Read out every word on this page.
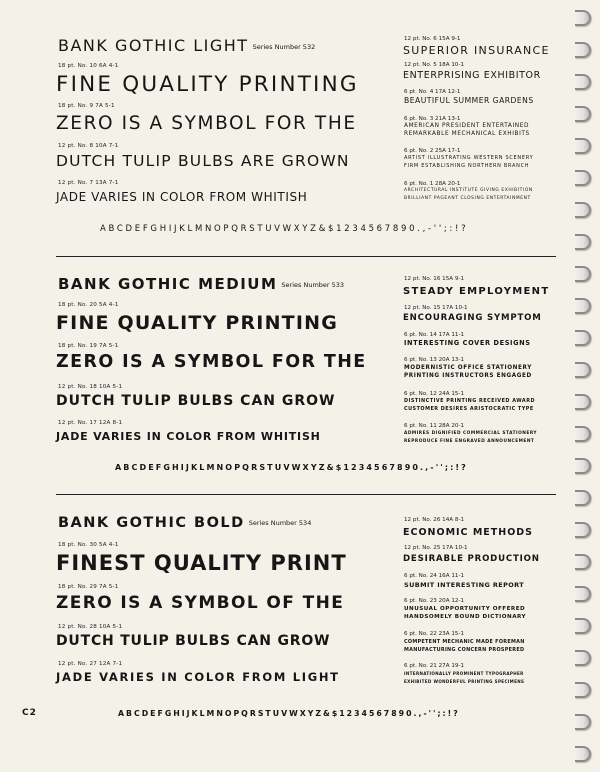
BANK GOTHIC LIGHT Series Number 532
18 pt. No. 10 6A 4-1
FINE QUALITY PRINTING
18 pt. No. 9 7A 5-1
ZERO IS A SYMBOL FOR THE
12 pt. No. 8 10A 7-1
DUTCH TULIP BULBS ARE GROWN
12 pt. No. 7 13A 7-1
JADE VARIES IN COLOR FROM WHITISH
12 pt. No. 6 15A 9-1
SUPERIOR INSURANCE
12 pt. No. 5 18A 10-1
ENTERPRISING EXHIBITOR
6 pt. No. 4 17A 12-1
BEAUTIFUL SUMMER GARDENS
6 pt. No. 3 21A 13-1
AMERICAN PRESIDENT ENTERTAINED
REMARKABLE MECHANICAL EXHIBITS
6 pt. No. 2 25A 17-1
ARTIST ILLUSTRATING WESTERN SCENERY
FIRM ESTABLISHING NORTHERN BRANCH
6 pt. No. 1 28A 20-1
ARCHITECTURAL INSTITUTE GIVING EXHIBITION
BRILLIANT PAGEANT CLOSING ENTERTAINMENT
ABCDEFGHIJKLMNOPQRSTUVWXYZ&$1234567890.,-'';:!?
BANK GOTHIC MEDIUM Series Number 533
18 pt. No. 20 5A 4-1
FINE QUALITY PRINTING
18 pt. No. 19 7A 5-1
ZERO IS A SYMBOL FOR THE
12 pt. No. 18 10A 5-1
DUTCH TULIP BULBS CAN GROW
12 pt. No. 17 12A 8-1
JADE VARIES IN COLOR FROM WHITISH
12 pt. No. 16 15A 9-1
STEADY EMPLOYMENT
12 pt. No. 15 17A 10-1
ENCOURAGING SYMPTOM
6 pt. No. 14 17A 11-1
INTERESTING COVER DESIGNS
6 pt. No. 13 20A 13-1
MODERNISTIC OFFICE STATIONERY
PRINTING INSTRUCTORS ENGAGED
6 pt. No. 12 24A 15-1
DISTINCTIVE PRINTING RECEIVED AWARD
CUSTOMER DESIRES ARISTOCRATIC TYPE
6 pt. No. 11 28A 20-1
ADMIRES DIGNIFIED COMMERCIAL STATIONERY
REPRODUCE FINE ENGRAVED ANNOUNCEMENT
ABCDEFGHIJKLMNOPQRSTUVWXYZ&$1234567890.,-'';:!?
BANK GOTHIC BOLD Series Number 534
18 pt. No. 30 5A 4-1
FINEST QUALITY PRINT
18 pt. No. 29 7A 5-1
ZERO IS A SYMBOL OF THE
12 pt. No. 28 10A 5-1
DUTCH TULIP BULBS CAN GROW
12 pt. No. 27 12A 7-1
JADE VARIES IN COLOR FROM LIGHT
12 pt. No. 26 14A 8-1
ECONOMIC METHODS
12 pt. No. 25 17A 10-1
DESIRABLE PRODUCTION
6 pt. No. 24 16A 11-1
SUBMIT INTERESTING REPORT
6 pt. No. 23 20A 12-1
UNUSUAL OPPORTUNITY OFFERED
HANDSOMELY BOUND DICTIONARY
6 pt. No. 22 23A 15-1
COMPETENT MECHANIC MADE FOREMAN
MANUFACTURING CONCERN PROSPERED
6 pt. No. 21 27A 19-1
INTERNATIONALLY PROMINENT TYPOGRAPHER
EXHIBITED WONDERFUL PRINTING SPECIMENS
ABCDEFGHIJKLMNOPQRSTUVWXYZ&$1234567890.,-'';:!?
C2
